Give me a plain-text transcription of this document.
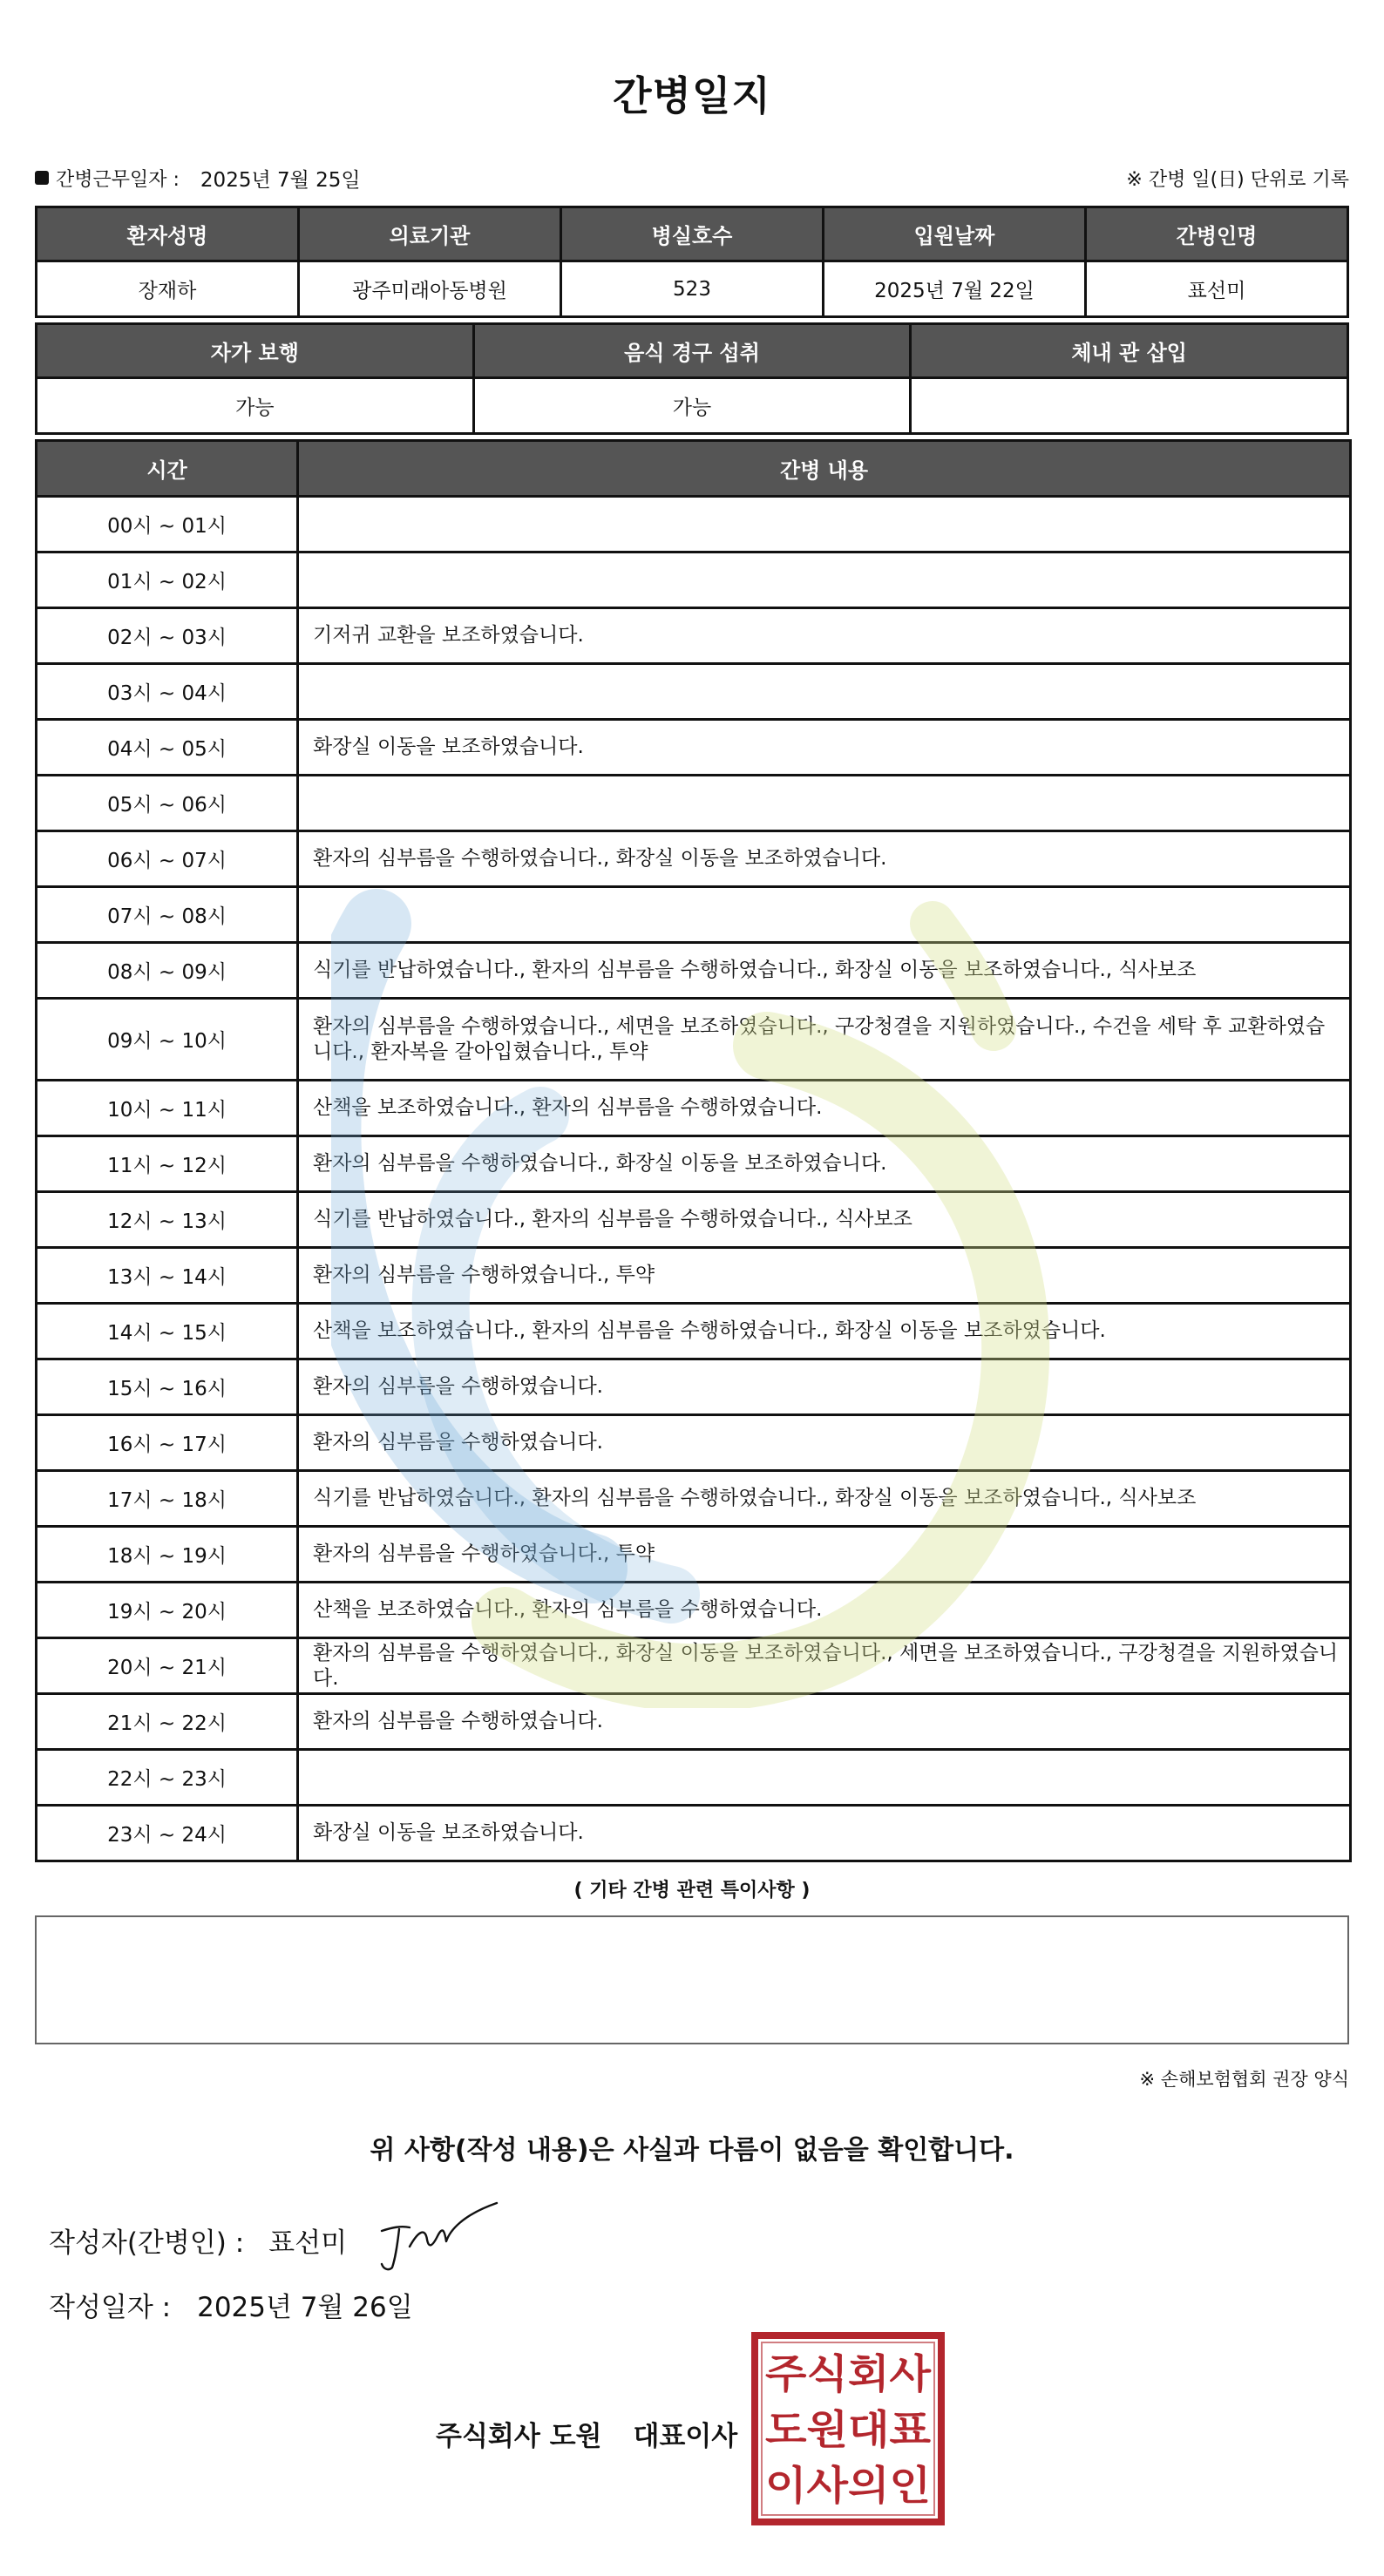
간병일지
간병근무일자 : 2025년 7월 25일	※ 간병 일(日) 단위로 기록
환자성명	의료기관	병실호수	입원날짜	간병인명
장재하	광주미래아동병원	523	2025년 7월 22일	표선미
자가 보행	음식 경구 섭취	체내 관 삽입
가능	가능	
시간	간병 내용
00시 ~ 01시	
01시 ~ 02시	
02시 ~ 03시	기저귀 교환을 보조하였습니다.
03시 ~ 04시	
04시 ~ 05시	화장실 이동을 보조하였습니다.
05시 ~ 06시	
06시 ~ 07시	환자의 심부름을 수행하였습니다., 화장실 이동을 보조하였습니다.
07시 ~ 08시	
08시 ~ 09시	식기를 반납하였습니다., 환자의 심부름을 수행하였습니다., 화장실 이동을 보조하였습니다., 식사보조
09시 ~ 10시	환자의 심부름을 수행하였습니다., 세면을 보조하였습니다., 구강청결을 지원하였습니다., 수건을 세탁 후 교환하였습니다., 환자복을 갈아입혔습니다., 투약
10시 ~ 11시	산책을 보조하였습니다., 환자의 심부름을 수행하였습니다.
11시 ~ 12시	환자의 심부름을 수행하였습니다., 화장실 이동을 보조하였습니다.
12시 ~ 13시	식기를 반납하였습니다., 환자의 심부름을 수행하였습니다., 식사보조
13시 ~ 14시	환자의 심부름을 수행하였습니다., 투약
14시 ~ 15시	산책을 보조하였습니다., 환자의 심부름을 수행하였습니다., 화장실 이동을 보조하였습니다.
15시 ~ 16시	환자의 심부름을 수행하였습니다.
16시 ~ 17시	환자의 심부름을 수행하였습니다.
17시 ~ 18시	식기를 반납하였습니다., 환자의 심부름을 수행하였습니다., 화장실 이동을 보조하였습니다., 식사보조
18시 ~ 19시	환자의 심부름을 수행하였습니다., 투약
19시 ~ 20시	산책을 보조하였습니다., 환자의 심부름을 수행하였습니다.
20시 ~ 21시	환자의 심부름을 수행하였습니다., 화장실 이동을 보조하였습니다., 세면을 보조하였습니다., 구강청결을 지원하였습니다.
21시 ~ 22시	환자의 심부름을 수행하였습니다.
22시 ~ 23시	
23시 ~ 24시	화장실 이동을 보조하였습니다.
( 기타 간병 관련 특이사항 )
※ 손해보험협회 권장 양식
위 사항(작성 내용)은 사실과 다름이 없음을 확인합니다.
작성자(간병인) : 표선미
작성일자 : 2025년 7월 26일
주식회사 도원 대표이사
주식회사
도원대표
이사의인
